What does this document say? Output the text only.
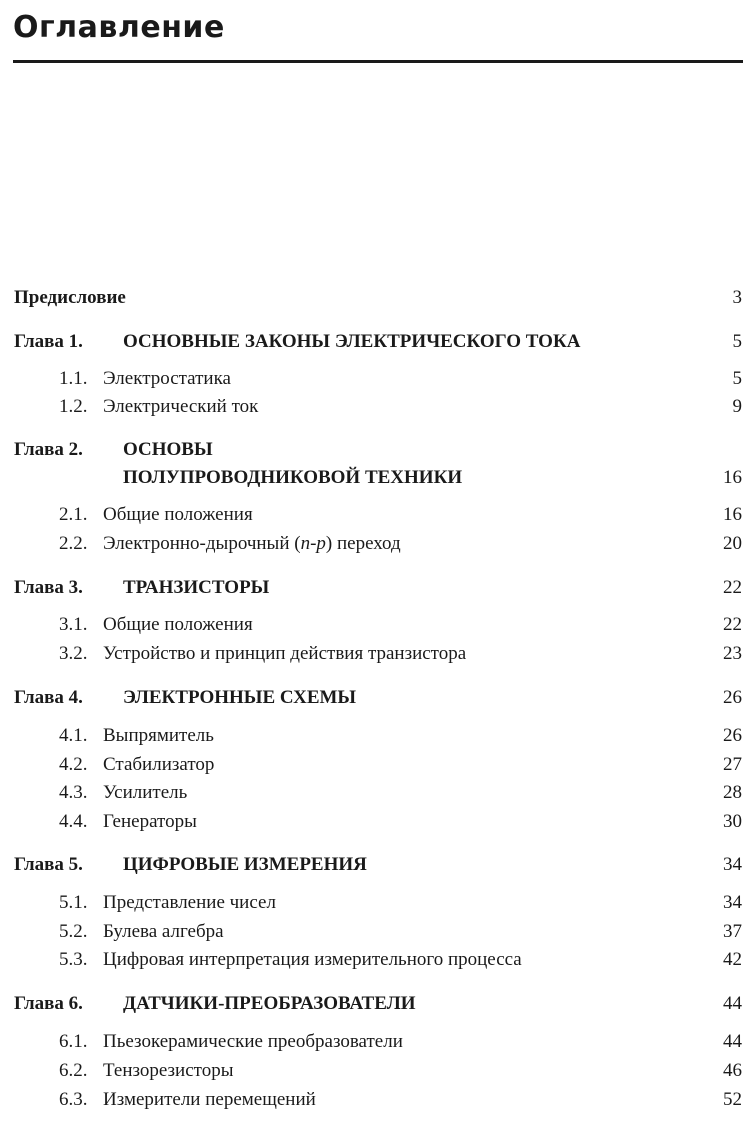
Оглавление
Предисловие	3
Глава 1.	ОСНОВНЫЕ ЗАКОНЫ ЭЛЕКТРИЧЕСКОГО ТОКА	5
1.1. Электростатика	5
1.2. Электрический ток	9
Глава 2. ОСНОВЫ
ПОЛУПРОВОДНИКОВОЙ ТЕХНИКИ	16
2.1. Общие положения	16
2.2. Электронно-дырочный (n-p) переход	20
Глава 3.	ТРАНЗИСТОРЫ	22
3.1. Общие положения	22
3.2. Устройство и принцип действия транзистора	23
Глава 4.	ЭЛЕКТРОННЫЕ СХЕМЫ	26
4.1. Выпрямитель	26
4.2. Стабилизатор	27
4.3. Усилитель	28
4.4. Генераторы	30
Глава 5.	ЦИФРОВЫЕ ИЗМЕРЕНИЯ	34
5.1. Представление чисел	34
5.2. Булева алгебра	37
5.3. Цифровая интерпретация измерительного процесса	42
Глава 6.	ДАТЧИКИ-ПРЕОБРАЗОВАТЕЛИ	44
6.1. Пьезокерамические преобразователи	44
6.2. Тензорезисторы	46
6.3. Измерители перемещений	52
